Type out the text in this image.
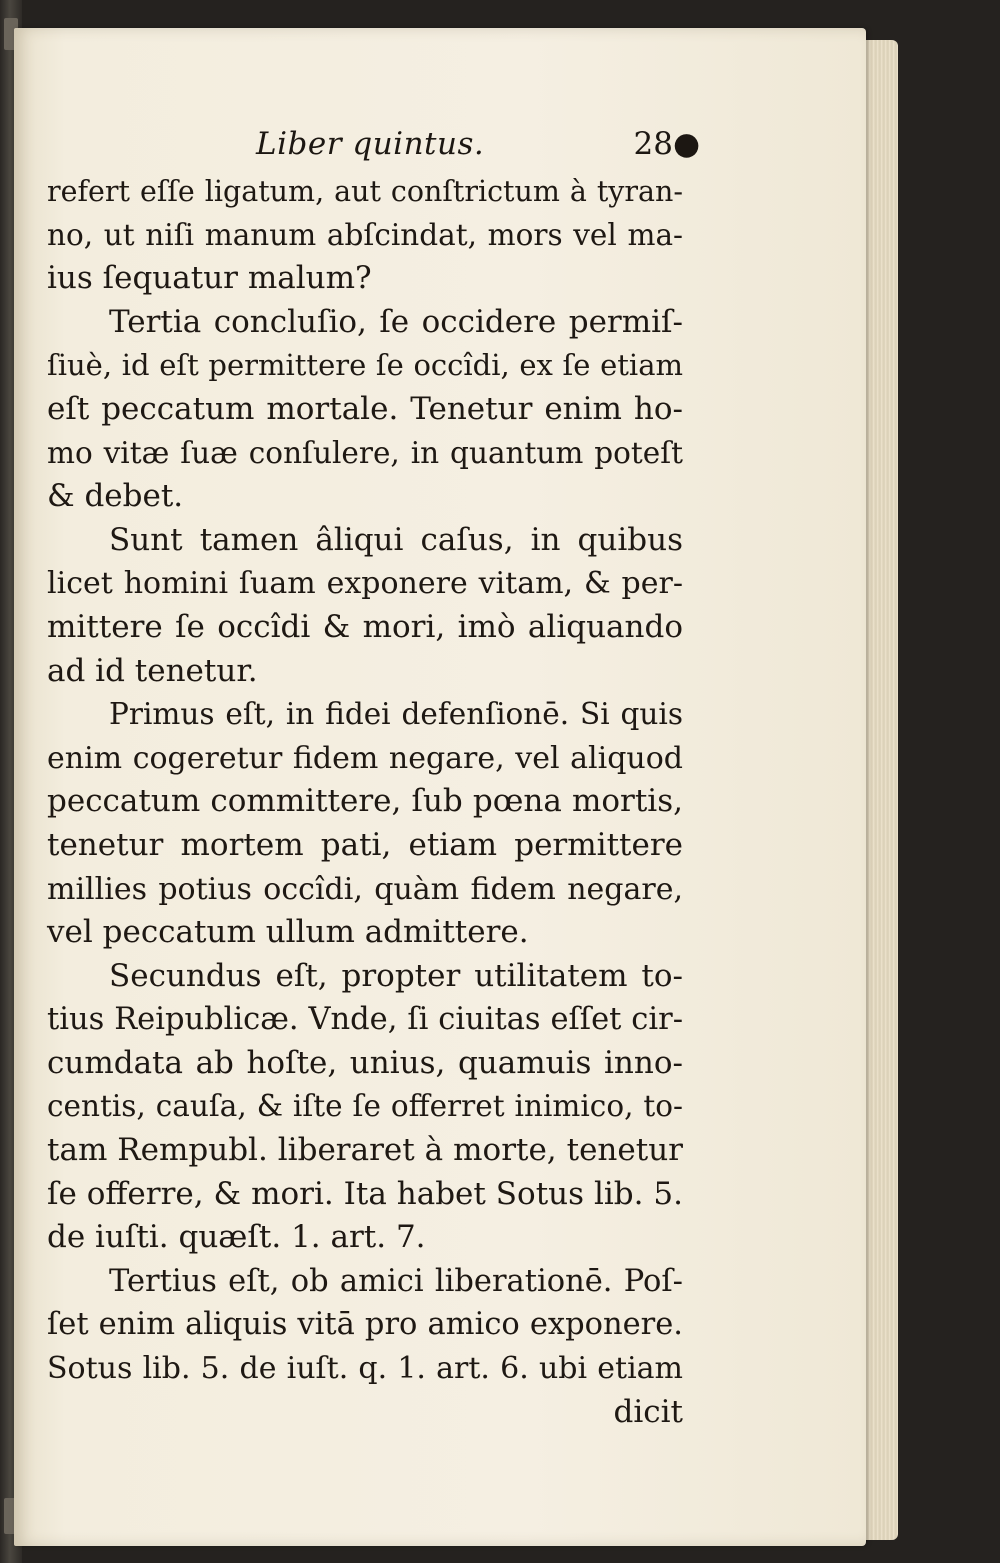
Liber quintus.	28●
refert eſſe ligatum, aut conſtrictum à tyran-
no, ut niſi manum abſcindat, mors vel ma-
ius ſequatur malum?
Tertia concluſio, ſe occidere permiſ-
ſiuè, id eſt permittere ſe occîdi, ex ſe etiam
eſt peccatum mortale. Tenetur enim ho-
mo vitæ ſuæ conſulere, in quantum poteſt
& debet.
Sunt tamen âliqui caſus, in quibus
licet homini ſuam exponere vitam, & per-
mittere ſe occîdi & mori, imò aliquando
ad id tenetur.
Primus eſt, in fidei defenſionē. Si quis
enim cogeretur fidem negare, vel aliquod
peccatum committere, ſub pœna mortis,
tenetur mortem pati, etiam permittere
millies potius occîdi, quàm fidem negare,
vel peccatum ullum admittere.
Secundus eſt, propter utilitatem to-
tius Reipublicæ. Vnde, ſi ciuitas eſſet cir-
cumdata ab hoſte, unius, quamuis inno-
centis, cauſa, & iſte ſe offerret inimico, to-
tam Rempubl. liberaret à morte, tenetur
ſe offerre, & mori. Ita habet Sotus lib. 5.
de iuſti. quæſt. 1. art. 7.
Tertius eſt, ob amici liberationē. Poſ-
ſet enim aliquis vitā pro amico exponere.
Sotus lib. 5. de iuſt. q. 1. art. 6. ubi etiam
dicit
